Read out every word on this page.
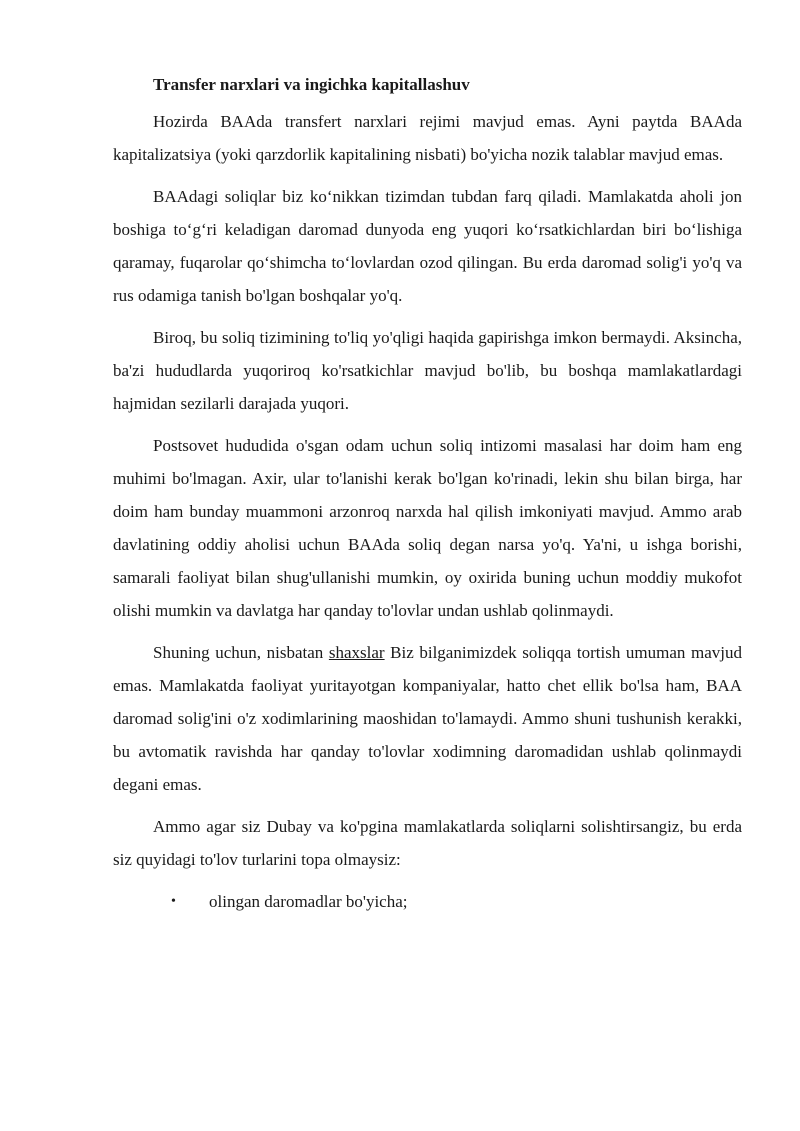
Transfer narxlari va ingichka kapitallashuv

Hozirda BAAda transfert narxlari rejimi mavjud emas. Ayni paytda BAAda kapitalizatsiya (yoki qarzdorlik kapitalining nisbati) bo'yicha nozik talablar mavjud emas.

BAAdagi soliqlar biz ko‘nikkan tizimdan tubdan farq qiladi. Mamlakatda aholi jon boshiga to‘g‘ri keladigan daromad dunyoda eng yuqori ko‘rsatkichlardan biri bo‘lishiga qaramay, fuqarolar qo‘shimcha to‘lovlardan ozod qilingan. Bu erda daromad solig'i yo'q va rus odamiga tanish bo'lgan boshqalar yo'q.

Biroq, bu soliq tizimining to'liq yo'qligi haqida gapirishga imkon bermaydi. Aksincha, ba'zi hududlarda yuqoriroq ko'rsatkichlar mavjud bo'lib, bu boshqa mamlakatlardagi hajmidan sezilarli darajada yuqori.

Postsovet hududida o'sgan odam uchun soliq intizomi masalasi har doim ham eng muhimi bo'lmagan. Axir, ular to'lanishi kerak bo'lgan ko'rinadi, lekin shu bilan birga, har doim ham bunday muammoni arzonroq narxda hal qilish imkoniyati mavjud. Ammo arab davlatining oddiy aholisi uchun BAAda soliq degan narsa yo'q. Ya'ni, u ishga borishi, samarali faoliyat bilan shug'ullanishi mumkin, oy oxirida buning uchun moddiy mukofot olishi mumkin va davlatga har qanday to'lovlar undan ushlab qolinmaydi.

Shuning uchun, nisbatan shaxslar Biz bilganimizdek soliqqa tortish umuman mavjud emas. Mamlakatda faoliyat yuritayotgan kompaniyalar, hatto chet ellik bo'lsa ham, BAA daromad solig'ini o'z xodimlarining maoshidan to'lamaydi. Ammo shuni tushunish kerakki, bu avtomatik ravishda har qanday to'lovlar xodimning daromadidan ushlab qolinmaydi degani emas.

Ammo agar siz Dubay va ko'pgina mamlakatlarda soliqlarni solishtirsangiz, bu erda siz quyidagi to'lov turlarini topa olmaysiz:

• olingan daromadlar bo'yicha;
